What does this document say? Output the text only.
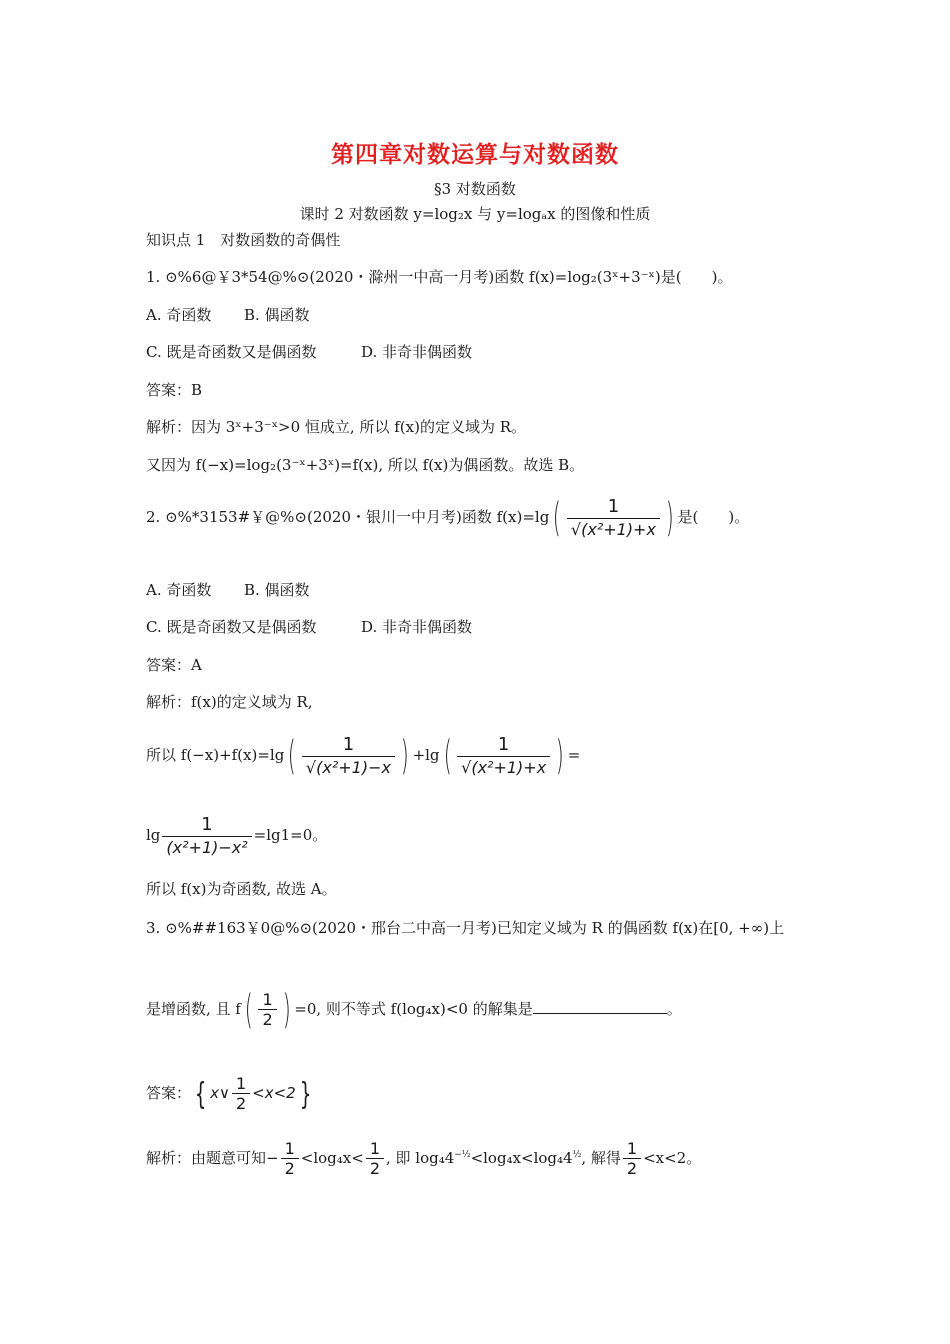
第四章对数运算与对数函数
§3 对数函数
课时 2 对数函数 y=log₂x 与 y=logₐx 的图像和性质
知识点 1　对数函数的奇偶性
1. ⊙%6@￥3*54@%⊙(2020・滁州一中高一月考)函数 f(x)=log₂(3ˣ+3⁻ˣ)是(　　)。
A. 奇函数 B. 偶函数
C. 既是奇函数又是偶函数	D. 非奇非偶函数
答案：B
解析：因为 3ˣ+3⁻ˣ>0 恒成立, 所以 f(x)的定义域为 R。
又因为 f(−x)=log₂(3⁻ˣ+3ˣ)=f(x), 所以 f(x)为偶函数。故选 B。
2. ⊙%*3153#￥@%⊙(2020・银川一中月考)函数 $f(x)=\lg( \frac{1}{\text{√(x²+1)+x}}$ ) 是(　　)。
A. 奇函数 B. 偶函数
C. 既是奇函数又是偶函数	D. 非奇非偶函数
答案：A
解析：f(x)的定义域为 R,
所以 $f(-x)+f(x)=\lg( \frac{1}{\text{√(x²+1)−x}}$ ) $+\lg( \frac{1}{\text{√(x²+1)+x}}$ ) =
$\lg \frac{1}{\text{(x²+1)−x²}} =\lg 1=0$。
所以 f(x)为奇函数, 故选 A。
3. ⊙%##163￥0@%⊙(2020・邢台二中高一月考)已知定义域为 R 的偶函数 f(x)在[0, +∞)上
是增函数, 且 $f( \frac{1}{2}$ ) =0, 则不等式 f(log₄x)<0 的解集是	。
答案： { x∨ $\frac{1}{2} <x<2$ }
解析：由题意可知− $\frac{1}{2} <\log_4x< \frac{1}{2}$ , 即 $\log_44^{-\frac{1}{2}}<\log_4x<\log_44^{\frac{1}{2}}$, 解得 $\frac{1}{2} <x<2$。
